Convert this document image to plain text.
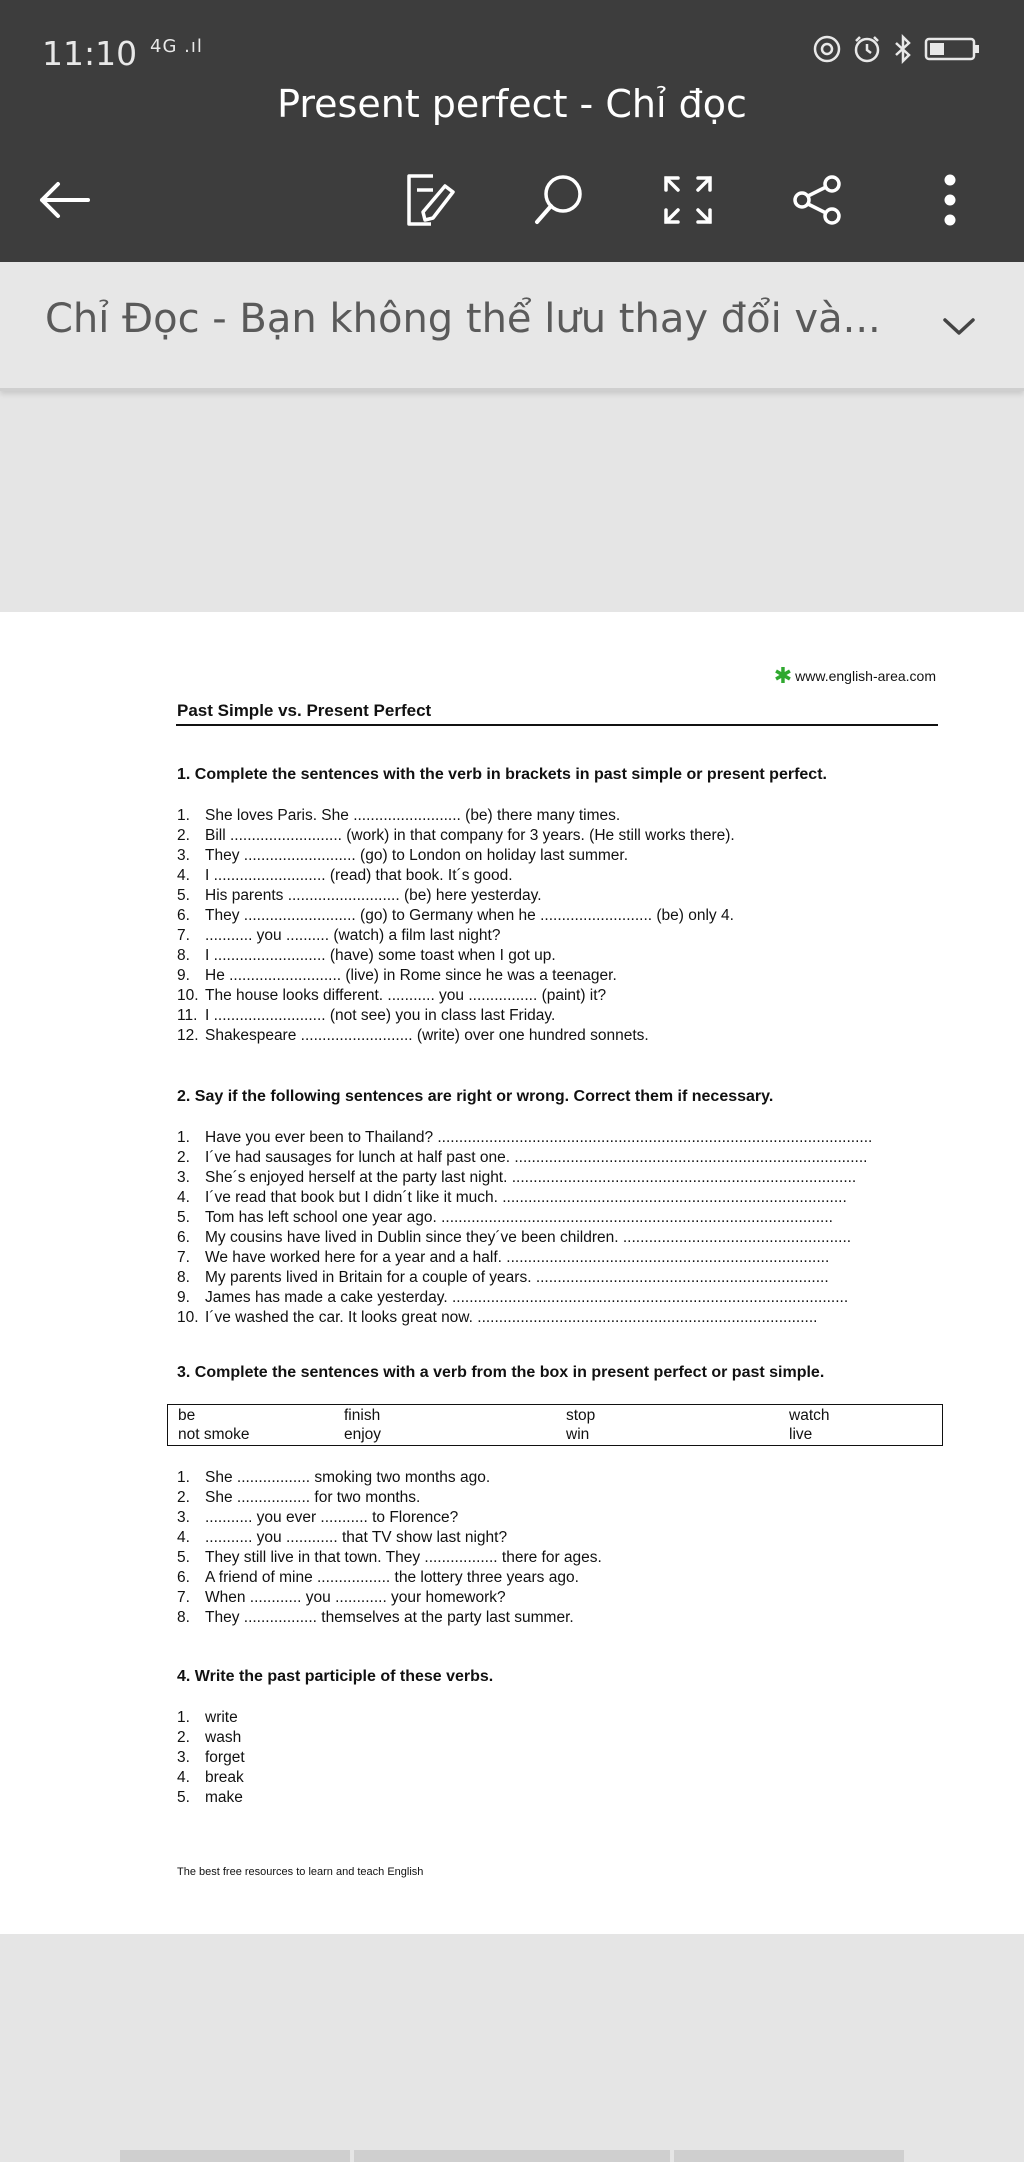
11:10 4G .ıl
Present perfect - Chỉ đọc
Chỉ Đọc - Bạn không thể lưu thay đổi và...
✱ www.english-area.com
Past Simple vs. Present Perfect
1. Complete the sentences with the verb in brackets in past simple or present perfect.
1. She loves Paris. She ......................... (be) there many times.
2. Bill .......................... (work) in that company for 3 years. (He still works there).
3. They .......................... (go) to London on holiday last summer.
4. I .......................... (read) that book. It´s good.
5. His parents .......................... (be) here yesterday.
6. They .......................... (go) to Germany when he .......................... (be) only 4.
7. ........... you .......... (watch) a film last night?
8. I .......................... (have) some toast when I got up.
9. He .......................... (live) in Rome since he was a teenager.
10. The house looks different. ........... you ................ (paint) it?
11. I .......................... (not see) you in class last Friday.
12. Shakespeare .......................... (write) over one hundred sonnets.
2. Say if the following sentences are right or wrong. Correct them if necessary.
1. Have you ever been to Thailand? .....................................................................................................
2. I´ve had sausages for lunch at half past one. ..................................................................................
3. She´s enjoyed herself at the party last night. ................................................................................
4. I´ve read that book but I didn´t like it much. ................................................................................
5. Tom has left school one year ago. ...........................................................................................
6. My cousins have lived in Dublin since they´ve been children. .....................................................
7. We have worked here for a year and a half. ...........................................................................
8. My parents lived in Britain for a couple of years. ....................................................................
9. James has made a cake yesterday. ............................................................................................
10. I´ve washed the car. It looks great now. ...............................................................................
3. Complete the sentences with a verb from the box in present perfect or past simple.
be	finish	stop	watch
not smoke	enjoy	win	live
1. She ................. smoking two months ago.
2. She ................. for two months.
3. ........... you ever ........... to Florence?
4. ........... you ............ that TV show last night?
5. They still live in that town. They ................. there for ages.
6. A friend of mine ................. the lottery three years ago.
7. When ............ you ............ your homework?
8. They ................. themselves at the party last summer.
4. Write the past participle of these verbs.
1. write
2. wash
3. forget
4. break
5. make
The best free resources to learn and teach English
